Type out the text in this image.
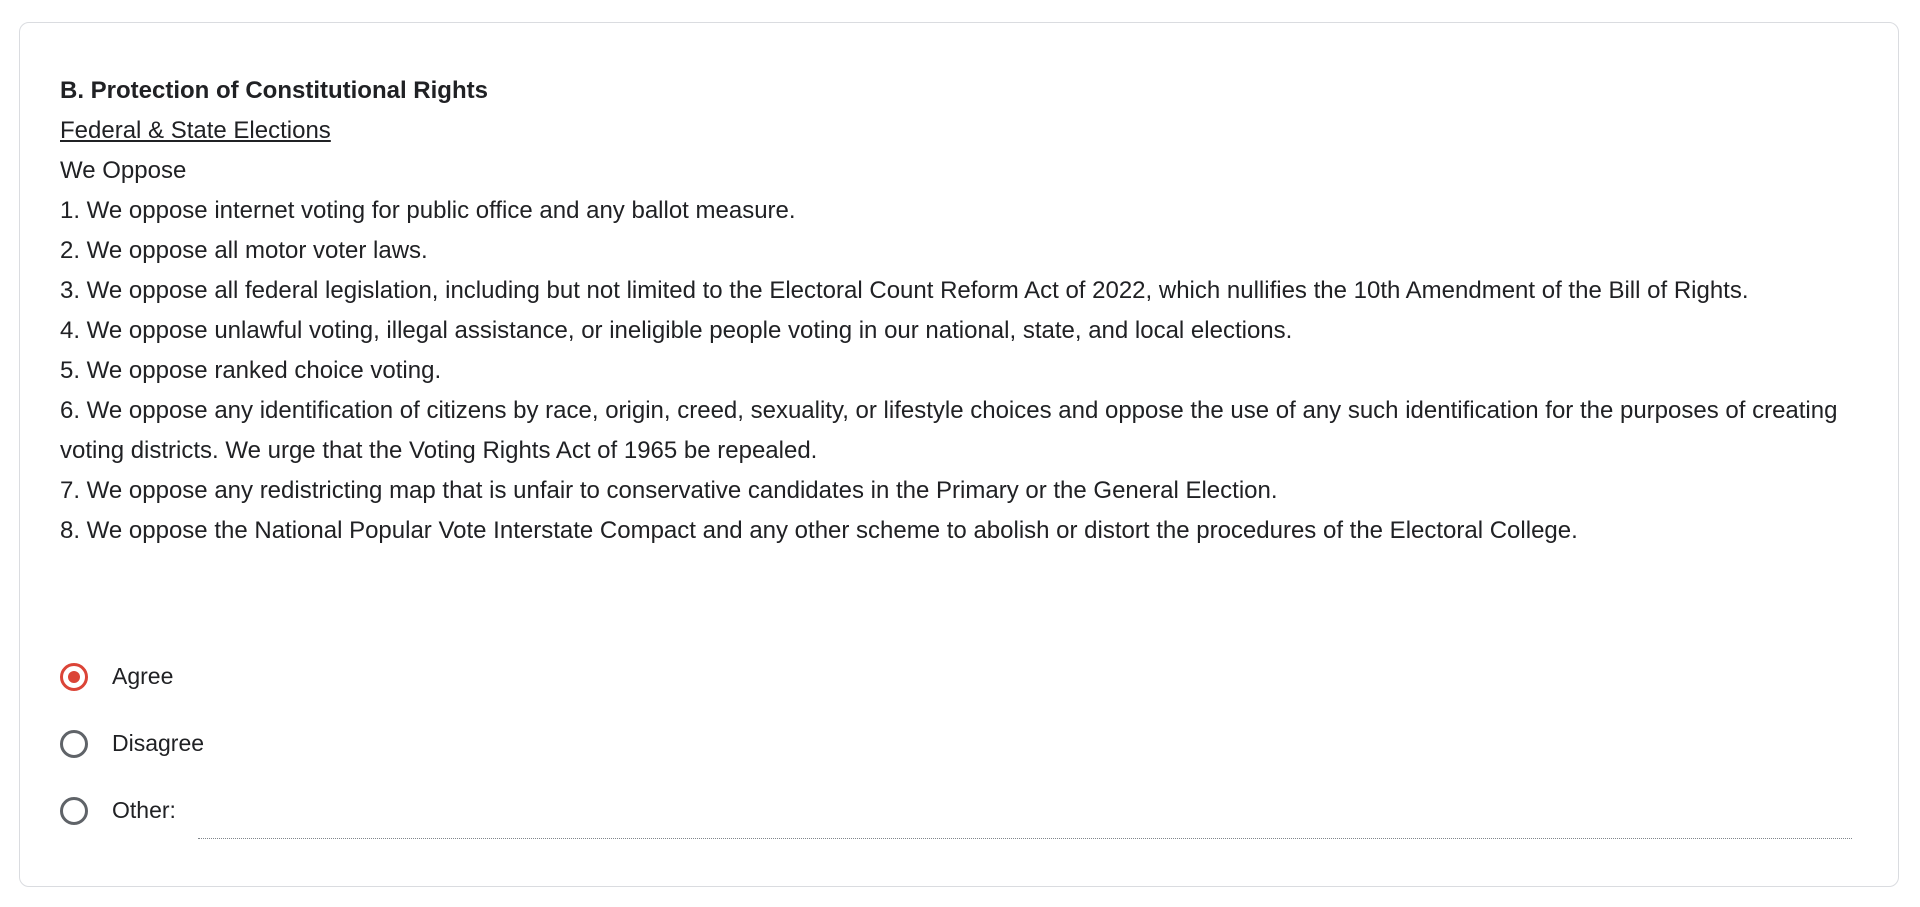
B. Protection of Constitutional Rights
Federal & State Elections
We Oppose
1. We oppose internet voting for public office and any ballot measure.
2. We oppose all motor voter laws.
3. We oppose all federal legislation, including but not limited to the Electoral Count Reform Act of 2022, which nullifies the 10th Amendment of the Bill of Rights.
4. We oppose unlawful voting, illegal assistance, or ineligible people voting in our national, state, and local elections.
5. We oppose ranked choice voting.
6. We oppose any identification of citizens by race, origin, creed, sexuality, or lifestyle choices and oppose the use of any such identification for the purposes of creating voting districts. We urge that the Voting Rights Act of 1965 be repealed.
7. We oppose any redistricting map that is unfair to conservative candidates in the Primary or the General Election.
8. We oppose the National Popular Vote Interstate Compact and any other scheme to abolish or distort the procedures of the Electoral College.
Agree
Disagree
Other:
